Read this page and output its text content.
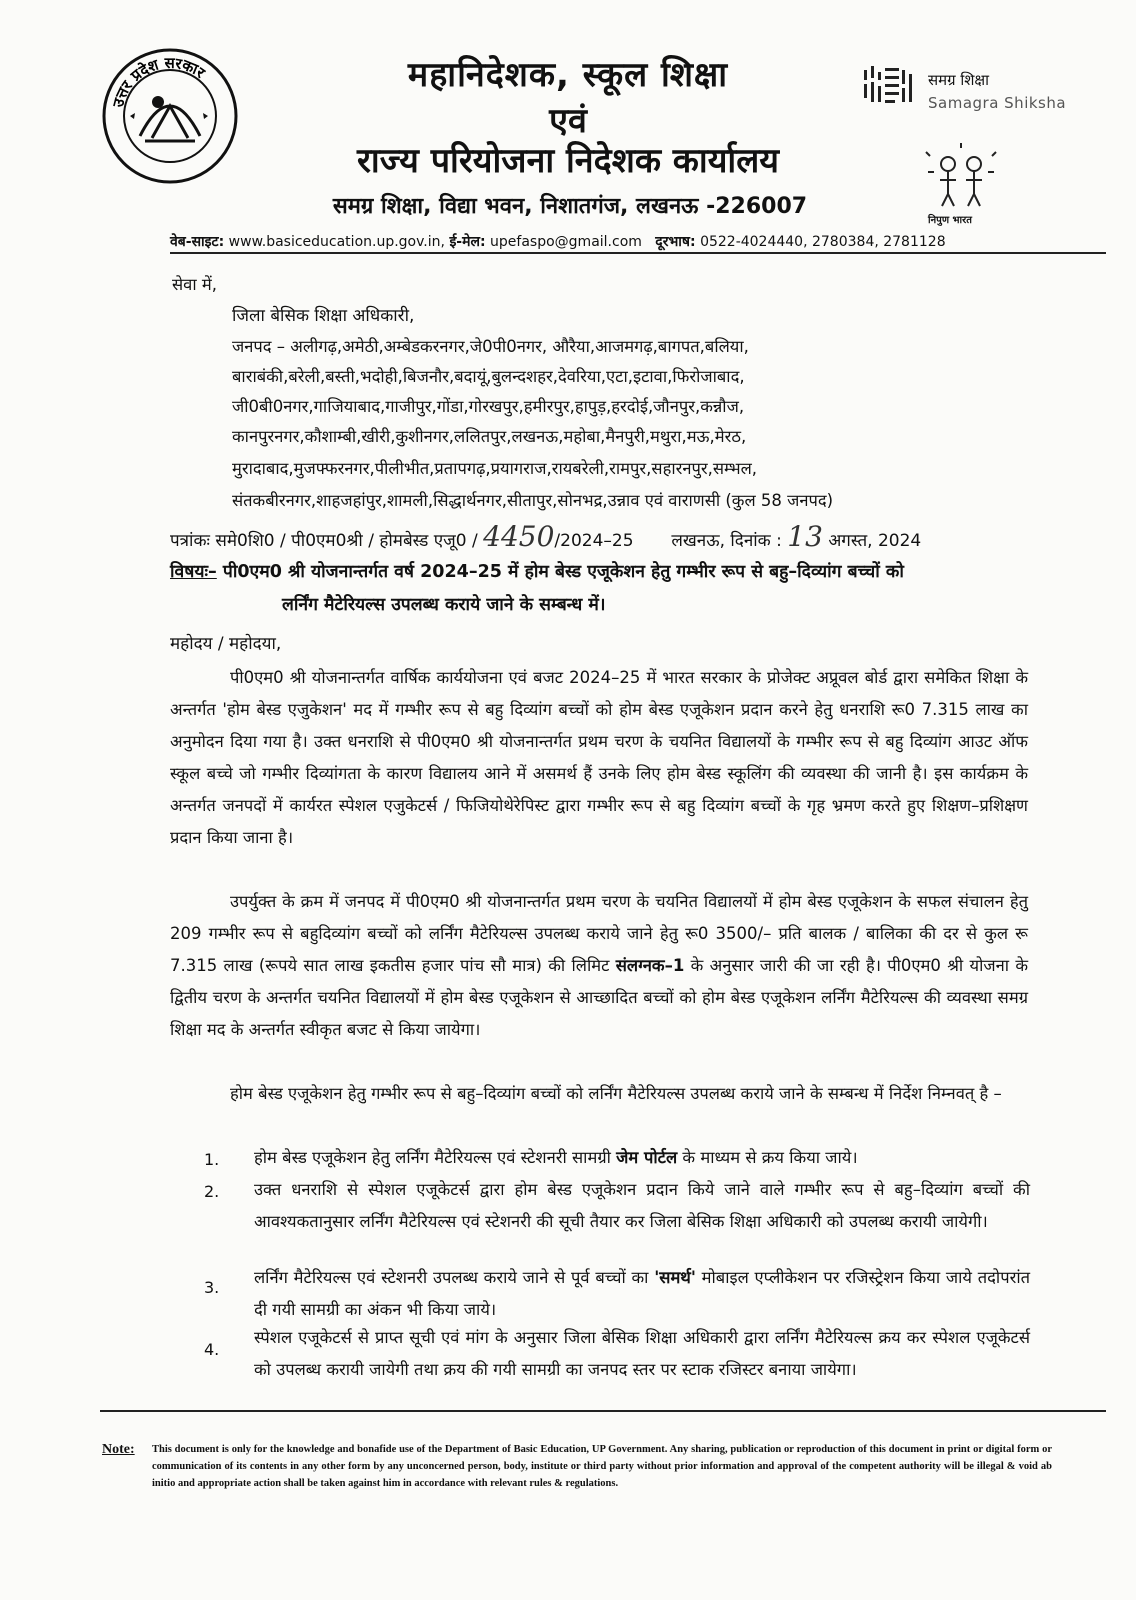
उत्तर प्रदेश सरकार	महानिदेशक, स्कूल शिक्षा
एवं
राज्य परियोजना निदेशक कार्यालय
समग्र शिक्षा, विद्या भवन, निशातगंज, लखनऊ -226007
वेब-साइट: www.basiceducation.up.gov.in, ई-मेल: upefaspo@gmail.com दूरभाष: 0522-4024440, 2780384, 2781128
समग्र शिक्षा
Samagra Shiksha
निपुण भारत
सेवा में,
जिला बेसिक शिक्षा अधिकारी,
जनपद – अलीगढ़,अमेठी,अम्बेडकरनगर,जे0पी0नगर, औरैया,आजमगढ़,बागपत,बलिया,
बाराबंकी,बरेली,बस्ती,भदोही,बिजनौर,बदायूं,बुलन्दशहर,देवरिया,एटा,इटावा,फिरोजाबाद,
जी0बी0नगर,गाजियाबाद,गाजीपुर,गोंडा,गोरखपुर,हमीरपुर,हापुड़,हरदोई,जौनपुर,कन्नौज,
कानपुरनगर,कौशाम्बी,खीरी,कुशीनगर,ललितपुर,लखनऊ,महोबा,मैनपुरी,मथुरा,मऊ,मेरठ,
मुरादाबाद,मुजफ्फरनगर,पीलीभीत,प्रतापगढ़,प्रयागराज,रायबरेली,रामपुर,सहारनपुर,सम्भल,
संतकबीरनगर,शाहजहांपुर,शामली,सिद्धार्थनगर,सीतापुर,सोनभद्र,उन्नाव एवं वाराणसी (कुल 58 जनपद)
पत्रांकः समे0शि0 / पी0एम0श्री / होमबेस्ड एजू0 / 4450/2024–25 लखनऊ, दिनांक : 13 अगस्त, 2024
विषयः– पी0एम0 श्री योजनान्तर्गत वर्ष 2024–25 में होम बेस्ड एजूकेशन हेतु गम्भीर रूप से बहु–दिव्यांग बच्चों को
लर्निंग मैटेरियल्स उपलब्ध कराये जाने के सम्बन्ध में।
महोदय / महोदया,

पी0एम0 श्री योजनान्तर्गत वार्षिक कार्ययोजना एवं बजट 2024–25 में भारत सरकार के प्रोजेक्ट अप्रूवल बोर्ड द्वारा समेकित शिक्षा के अन्तर्गत 'होम बेस्ड एजुकेशन' मद में गम्भीर रूप से बहु दिव्यांग बच्चों को होम बेस्ड एजूकेशन प्रदान करने हेतु धनराशि रू0 7.315 लाख का अनुमोदन दिया गया है। उक्त धनराशि से पी0एम0 श्री योजनान्तर्गत प्रथम चरण के चयनित विद्यालयों के गम्भीर रूप से बहु दिव्यांग आउट ऑफ स्कूल बच्चे जो गम्भीर दिव्यांगता के कारण विद्यालय आने में असमर्थ हैं उनके लिए होम बेस्ड स्कूलिंग की व्यवस्था की जानी है। इस कार्यक्रम के अन्तर्गत जनपदों में कार्यरत स्पेशल एजुकेटर्स / फिजियोथेरेपिस्ट द्वारा गम्भीर रूप से बहु दिव्यांग बच्चों के गृह भ्रमण करते हुए शिक्षण–प्रशिक्षण प्रदान किया जाना है।

उपर्युक्त के क्रम में जनपद में पी0एम0 श्री योजनान्तर्गत प्रथम चरण के चयनित विद्यालयों में होम बेस्ड एजूकेशन के सफल संचालन हेतु 209 गम्भीर रूप से बहुदिव्यांग बच्चों को लर्निंग मैटेरियल्स उपलब्ध कराये जाने हेतु रू0 3500/– प्रति बालक / बालिका की दर से कुल रू 7.315 लाख (रूपये सात लाख इकतीस हजार पांच सौ मात्र) की लिमिट संलग्नक–1 के अनुसार जारी की जा रही है। पी0एम0 श्री योजना के द्वितीय चरण के अन्तर्गत चयनित विद्यालयों में होम बेस्ड एजूकेशन से आच्छादित बच्चों को होम बेस्ड एजूकेशन लर्निंग मैटेरियल्स की व्यवस्था समग्र शिक्षा मद के अन्तर्गत स्वीकृत बजट से किया जायेगा।

होम बेस्ड एजूकेशन हेतु गम्भीर रूप से बहु–दिव्यांग बच्चों को लर्निंग मैटेरियल्स उपलब्ध कराये जाने के सम्बन्ध में निर्देश निम्नवत् है –

1. होम बेस्ड एजूकेशन हेतु लर्निंग मैटेरियल्स एवं स्टेशनरी सामग्री जेम पोर्टल के माध्यम से क्रय किया जाये।
2. उक्त धनराशि से स्पेशल एजूकेटर्स द्वारा होम बेस्ड एजूकेशन प्रदान किये जाने वाले गम्भीर रूप से बहु–दिव्यांग बच्चों की आवश्यकतानुसार लर्निंग मैटेरियल्स एवं स्टेशनरी की सूची तैयार कर जिला बेसिक शिक्षा अधिकारी को उपलब्ध करायी जायेगी।
3.
लर्निंग मैटेरियल्स एवं स्टेशनरी उपलब्ध कराये जाने से पूर्व बच्चों का 'समर्थ' मोबाइल एप्लीकेशन पर रजिस्ट्रेशन किया जाये तदोपरांत दी गयी सामग्री का अंकन भी किया जाये।
4.
स्पेशल एजूकेटर्स से प्राप्त सूची एवं मांग के अनुसार जिला बेसिक शिक्षा अधिकारी द्वारा लर्निंग मैटेरियल्स क्रय कर स्पेशल एजूकेटर्स को उपलब्ध करायी जायेगी तथा क्रय की गयी सामग्री का जनपद स्तर पर स्टाक रजिस्टर बनाया जायेगा।
Note: This document is only for the knowledge and bonafide use of the Department of Basic Education, UP Government. Any sharing, publication or reproduction of this document in print or digital form or communication of its contents in any other form by any unconcerned person, body, institute or third party without prior information and approval of the competent authority will be illegal & void ab initio and appropriate action shall be taken against him in accordance with relevant rules & regulations.
